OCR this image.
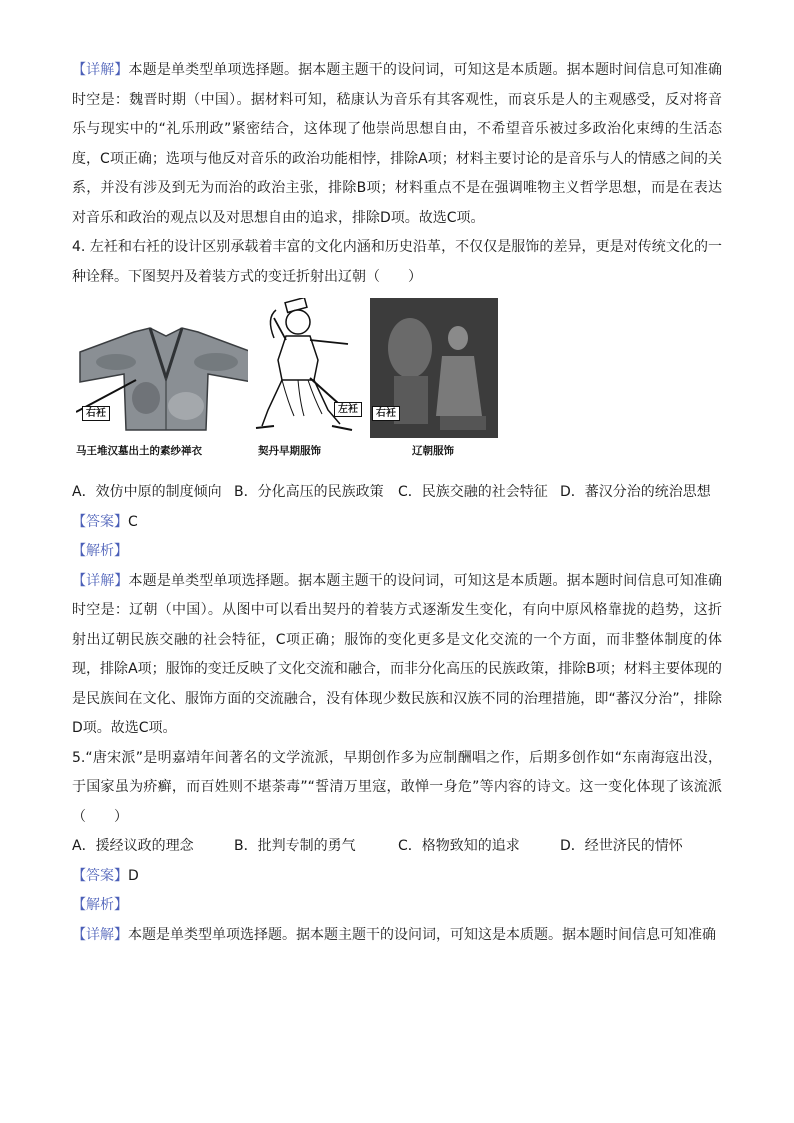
【详解】本题是单类型单项选择题。据本题主题干的设问词，可知这是本质题。据本题时间信息可知准确时空是：魏晋时期（中国）。据材料可知，嵇康认为音乐有其客观性，而哀乐是人的主观感受，反对将音乐与现实中的“礼乐刑政”紧密结合，这体现了他崇尚思想自由，不希望音乐被过多政治化束缚的生活态度，C项正确；选项与他反对音乐的政治功能相悖，排除A项；材料主要讨论的是音乐与人的情感之间的关系，并没有涉及到无为而治的政治主张，排除B项；材料重点不是在强调唯物主义哲学思想，而是在表达对音乐和政治的观点以及对思想自由的追求，排除D项。故选C项。

4. 左衽和右衽的设计区别承载着丰富的文化内涵和历史沿革，不仅仅是服饰的差异，更是对传统文化的一种诠释。下图契丹及着装方式的变迁折射出辽朝（　　）

右衽
马王堆汉墓出土的素纱禅衣
左衽
契丹早期服饰
右衽
辽朝服饰
A．效仿中原的制度倾向 B．分化高压的民族政策	C．民族交融的社会特征 D．蕃汉分治的统治思想

【答案】C

【解析】

【详解】本题是单类型单项选择题。据本题主题干的设问词，可知这是本质题。据本题时间信息可知准确时空是：辽朝（中国）。从图中可以看出契丹的着装方式逐渐发生变化，有向中原风格靠拢的趋势，这折射出辽朝民族交融的社会特征，C项正确；服饰的变化更多是文化交流的一个方面，而非整体制度的体现，排除A项；服饰的变迁反映了文化交流和融合，而非分化高压的民族政策，排除B项；材料主要体现的是民族间在文化、服饰方面的交流融合，没有体现少数民族和汉族不同的治理措施，即“蕃汉分治”，排除D项。故选C项。

5.“唐宋派”是明嘉靖年间著名的文学流派，早期创作多为应制酬唱之作，后期多创作如“东南海寇出没，于国家虽为疥癣，而百姓则不堪荼毒”“誓清万里寇，敢惮一身危”等内容的诗文。这一变化体现了该流派（　　）

A．援经议政的理念	B．批判专制的勇气	C．格物致知的追求	D．经世济民的情怀

【答案】D

【解析】

【详解】本题是单类型单项选择题。据本题主题干的设问词，可知这是本质题。据本题时间信息可知准确
